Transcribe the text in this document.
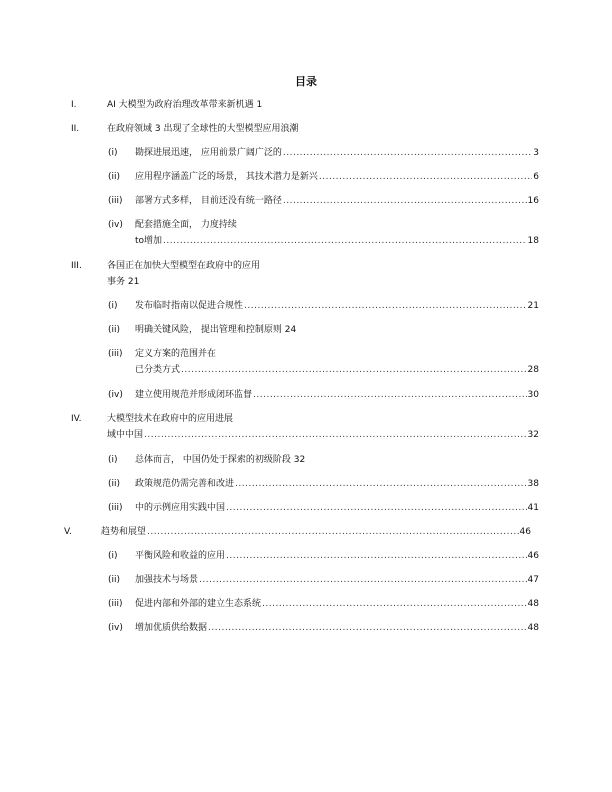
目录
I.	AI 大模型为政府治理改革带来新机遇 1
II.	在政府领域 3 出现了全球性的大型模型应用浪潮
(i) 勘探进展迅速， 应用前景广阔广泛的 .....	3
(ii) 应用程序涵盖广泛的场景， 其技术潜力是新兴 .....	6
(iii) 部署方式多样， 目前还没有统一路径 .....	16
(iv) 配套措施全面， 力度持续
to增加 .....	18
III.	各国正在加快大型模型在政府中的应用
事务 21
(i) 发布临时指南以促进合规性 .....	21
(ii) 明确关键风险， 提出管理和控制原则 24
(iii) 定义方案的范围并在
已分类方式 .....	28
(iv) 建立使用规范并形成闭环监督 .....	30
IV.	大模型技术在政府中的应用进展
域中中国 .....	32
(i) 总体而言， 中国仍处于探索的初级阶段 32
(ii) 政策规范仍需完善和改进 .....	38
(iii) 中的示例应用实践中国 .....	41
V.	趋势和展望 .....	46
(i) 平衡风险和收益的应用 .....	46
(ii) 加强技术与场景 .....	47
(iii) 促进内部和外部的建立生态系统 .....	48
(iv) 增加优质供给数据 .....	48
